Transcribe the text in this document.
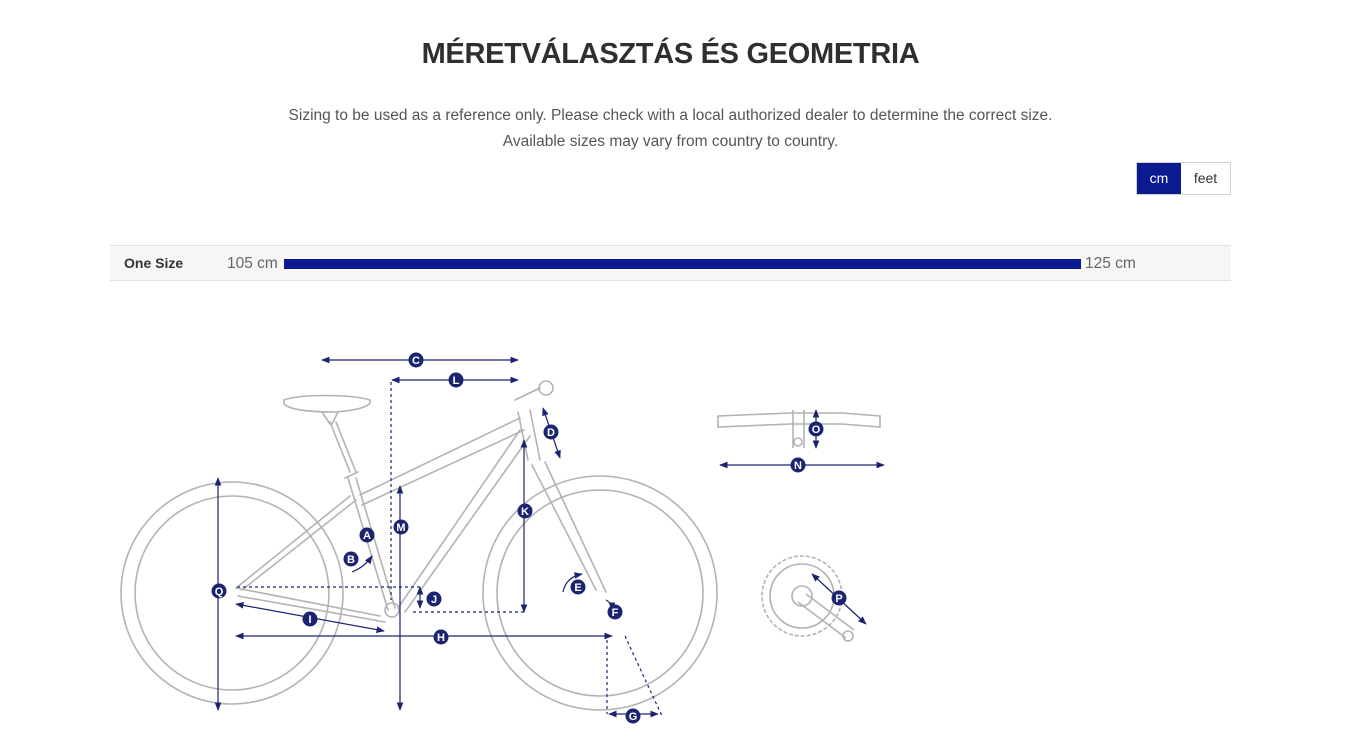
MÉRETVÁLASZTÁS ÉS GEOMETRIA
Sizing to be used as a reference only. Please check with a local authorized dealer to determine the correct size.
Available sizes may vary from country to country.
cm	feet
One Size	105 cm	125 cm
C
L
D
K
M
A
B
E
Q
J
F
I
H
G
O
N
P
